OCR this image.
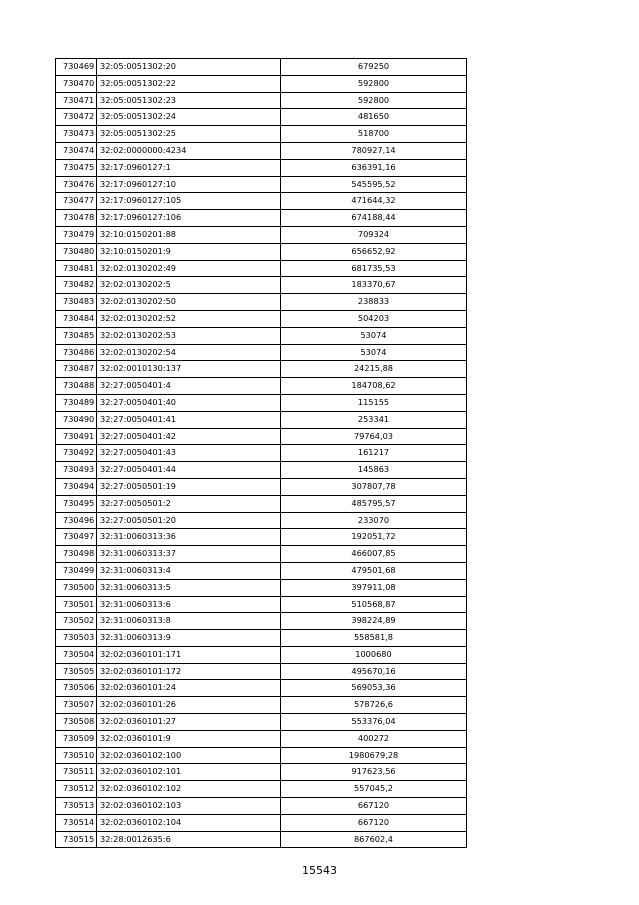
730469	32:05:0051302:20	679250
730470	32:05:0051302:22	592800
730471	32:05:0051302:23	592800
730472	32:05:0051302:24	481650
730473	32:05:0051302:25	518700
730474	32:02:0000000:4234	780927,14
730475	32:17:0960127:1	636391,16
730476	32:17:0960127:10	545595,52
730477	32:17:0960127:105	471644,32
730478	32:17:0960127:106	674188,44
730479	32:10:0150201:88	709324
730480	32:10:0150201:9	656652,92
730481	32:02:0130202:49	681735,53
730482	32:02:0130202:5	183370,67
730483	32:02:0130202:50	238833
730484	32:02:0130202:52	504203
730485	32:02:0130202:53	53074
730486	32:02:0130202:54	53074
730487	32:02:0010130:137	24215,88
730488	32:27:0050401:4	184708,62
730489	32:27:0050401:40	115155
730490	32:27:0050401:41	253341
730491	32:27:0050401:42	79764,03
730492	32:27:0050401:43	161217
730493	32:27:0050401:44	145863
730494	32:27:0050501:19	307807,78
730495	32:27:0050501:2	485795,57
730496	32:27:0050501:20	233070
730497	32:31:0060313:36	192051,72
730498	32:31:0060313:37	466007,85
730499	32:31:0060313:4	479501,68
730500	32:31:0060313:5	397911,08
730501	32:31:0060313:6	510568,87
730502	32:31:0060313:8	398224,89
730503	32:31:0060313:9	558581,8
730504	32:02:0360101:171	1000680
730505	32:02:0360101:172	495670,16
730506	32:02:0360101:24	569053,36
730507	32:02:0360101:26	578726,6
730508	32:02:0360101:27	553376,04
730509	32:02:0360101:9	400272
730510	32:02:0360102:100	1980679,28
730511	32:02:0360102:101	917623,56
730512	32:02:0360102:102	557045,2
730513	32:02:0360102:103	667120
730514	32:02:0360102:104	667120
730515	32:28:0012635:6	867602,4
15543
